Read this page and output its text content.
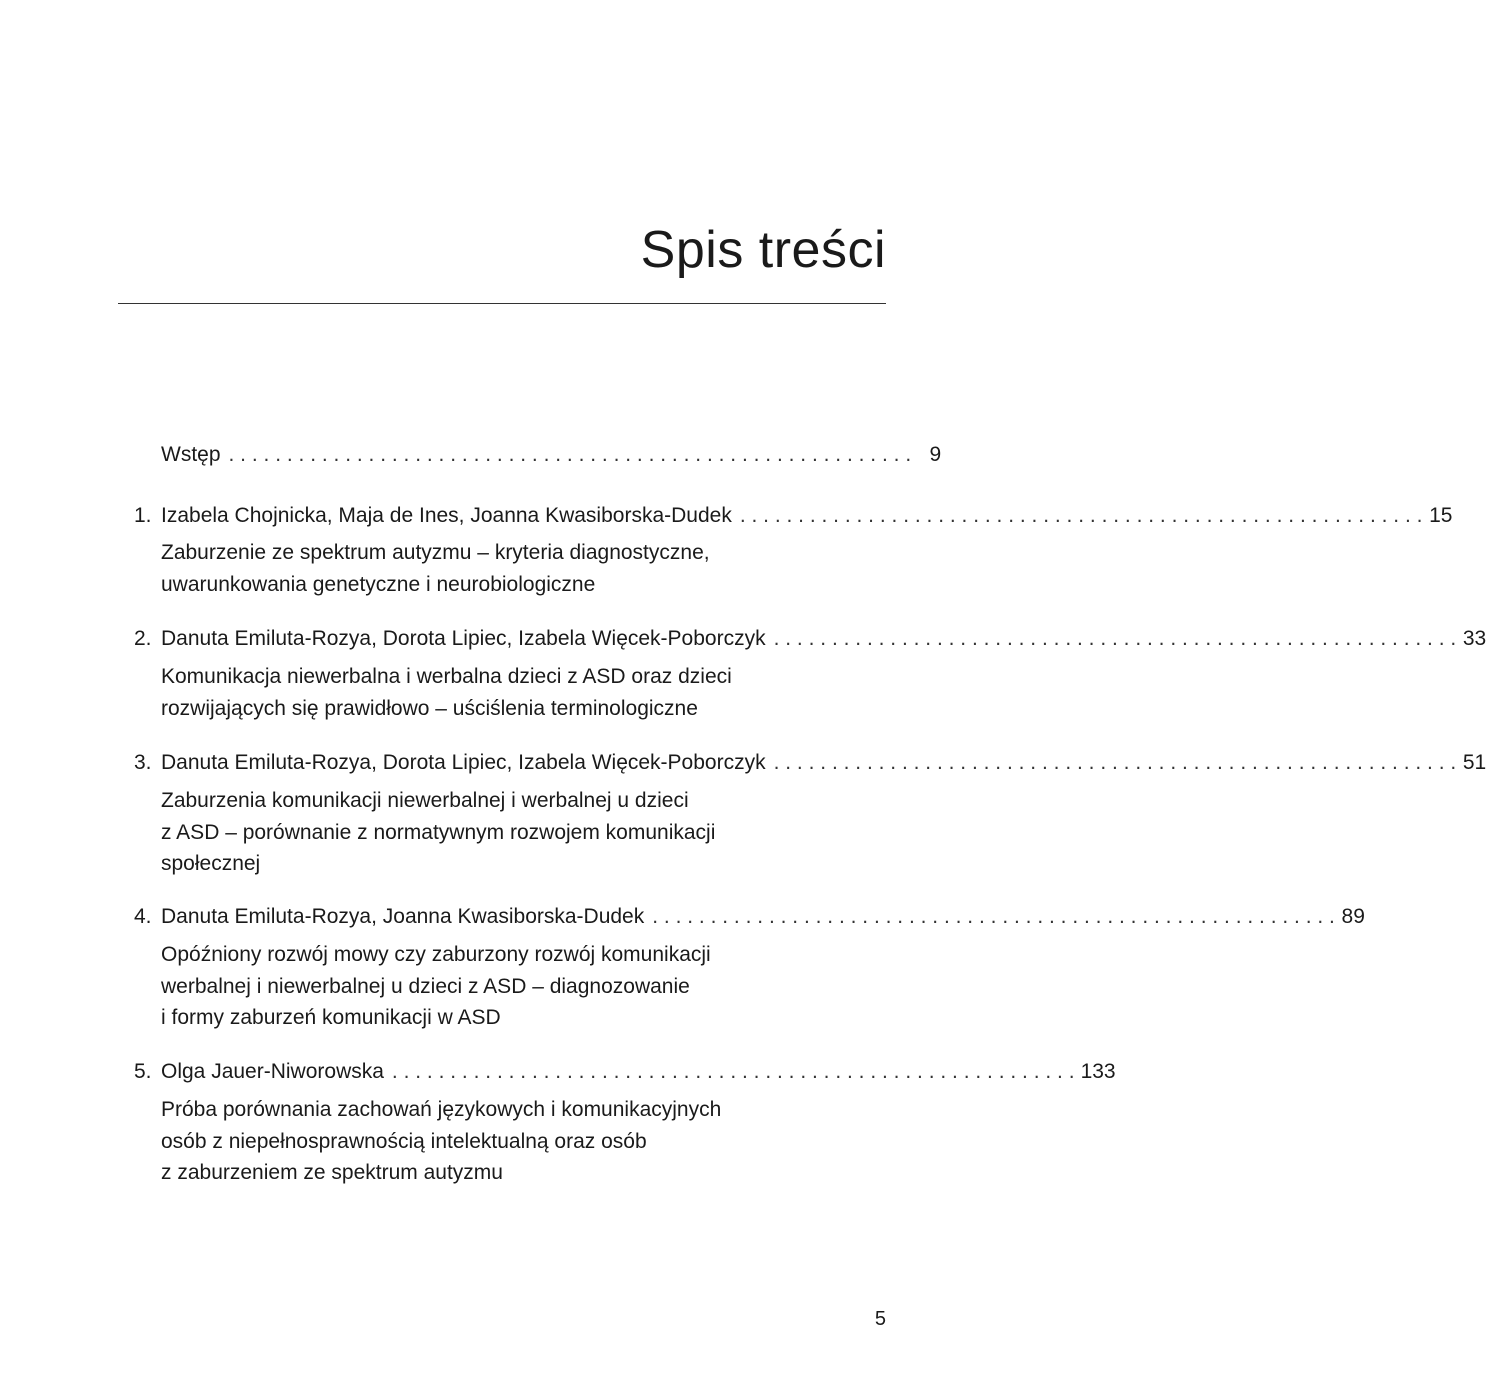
Spis treści
Wstęp . . . . . . . . . . . . . . . . . . . . . . . . . . . . . . . . . . . . . . . . . . . . . . . . . . . . . . . . . . . 9
1. Izabela Chojnicka, Maja de Ines, Joanna Kwasiborska-Dudek . . . . . . . . . . . . . . . . . . . . . . . . . . . . . . . . . . . . . . . . . . . . . . . . . . . . . . . . . . . 15
Zaburzenie ze spektrum autyzmu – kryteria diagnostyczne,
uwarunkowania genetyczne i neurobiologiczne
2. Danuta Emiluta-Rozya, Dorota Lipiec, Izabela Więcek-Poborczyk . . . . . . . . . . . . . . . . . . . . . . . . . . . . . . . . . . . . . . . . . . . . . . . . . . . . . . . . . . . 33
Komunikacja niewerbalna i werbalna dzieci z ASD oraz dzieci
rozwijających się prawidłowo – uściślenia terminologiczne
3. Danuta Emiluta-Rozya, Dorota Lipiec, Izabela Więcek-Poborczyk . . . . . . . . . . . . . . . . . . . . . . . . . . . . . . . . . . . . . . . . . . . . . . . . . . . . . . . . . . . 51
Zaburzenia komunikacji niewerbalnej i werbalnej u dzieci
z ASD – porównanie z normatywnym rozwojem komunikacji
społecznej
4. Danuta Emiluta-Rozya, Joanna Kwasiborska-Dudek . . . . . . . . . . . . . . . . . . . . . . . . . . . . . . . . . . . . . . . . . . . . . . . . . . . . . . . . . . . 89
Opóźniony rozwój mowy czy zaburzony rozwój komunikacji
werbalnej i niewerbalnej u dzieci z ASD – diagnozowanie
i formy zaburzeń komunikacji w ASD
5. Olga Jauer-Niworowska . . . . . . . . . . . . . . . . . . . . . . . . . . . . . . . . . . . . . . . . . . . . . . . . . . . . . . . . . . . 133
Próba porównania zachowań językowych i komunikacyjnych
osób z niepełnosprawnością intelektualną oraz osób
z zaburzeniem ze spektrum autyzmu
5
